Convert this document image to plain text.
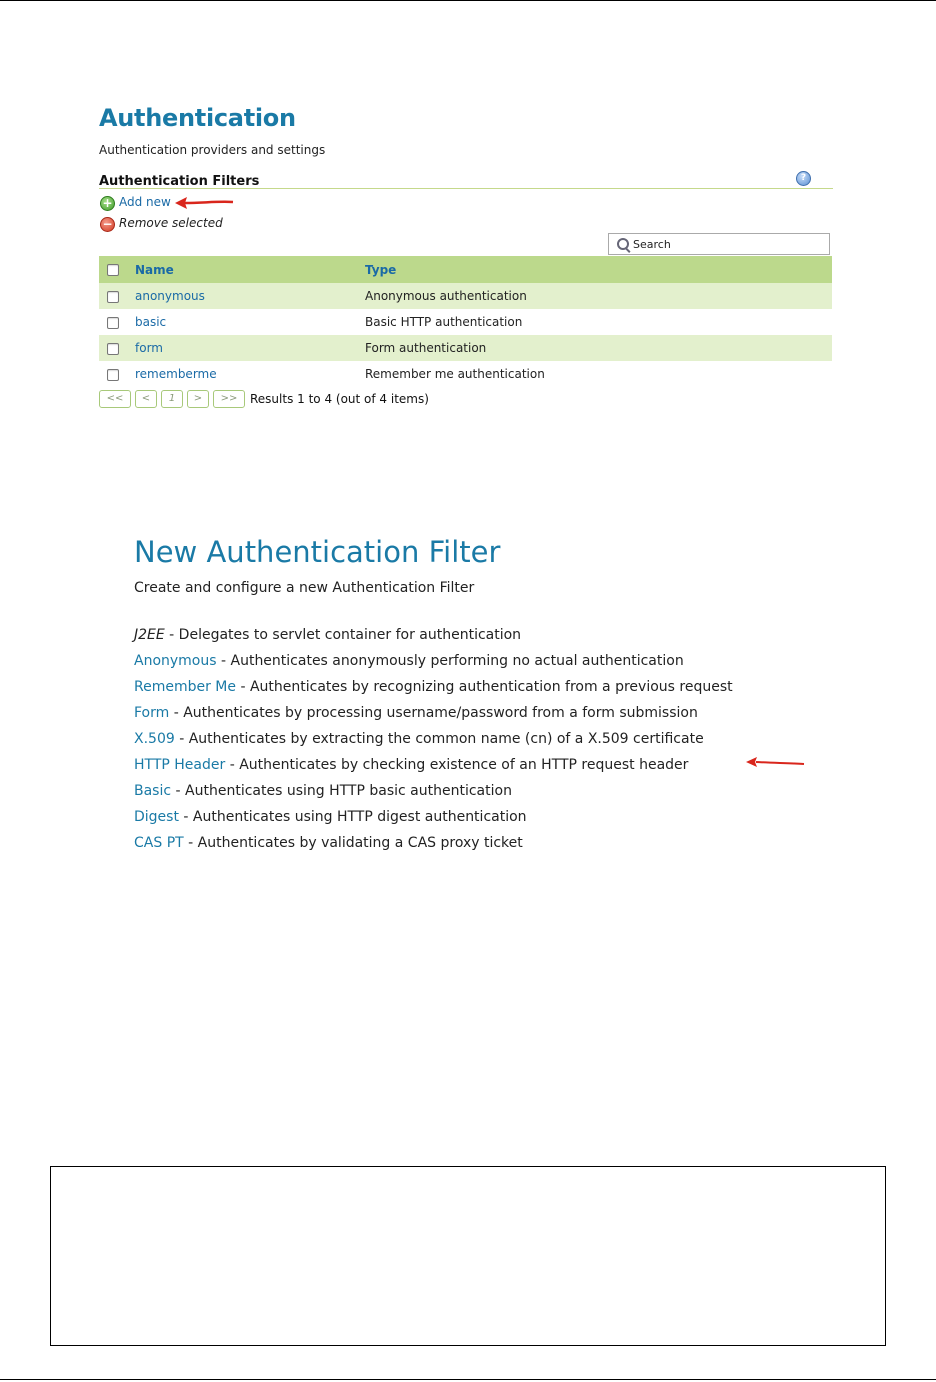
Authentication
Authentication providers and settings
Authentication Filters	?
+ Add new
− Remove selected
Search
	Name	Type
	anonymous	Anonymous authentication
	basic	Basic HTTP authentication
	form	Form authentication
	rememberme	Remember me authentication
<<	<	1	>	>>	Results 1 to 4 (out of 4 items)
New Authentication Filter
Create and configure a new Authentication Filter
J2EE - Delegates to servlet container for authentication
Anonymous - Authenticates anonymously performing no actual authentication
Remember Me - Authenticates by recognizing authentication from a previous request
Form - Authenticates by processing username/password from a form submission
X.509 - Authenticates by extracting the common name (cn) of a X.509 certificate
HTTP Header - Authenticates by checking existence of an HTTP request header
Basic - Authenticates using HTTP basic authentication
Digest - Authenticates using HTTP digest authentication
CAS PT - Authenticates by validating a CAS proxy ticket
